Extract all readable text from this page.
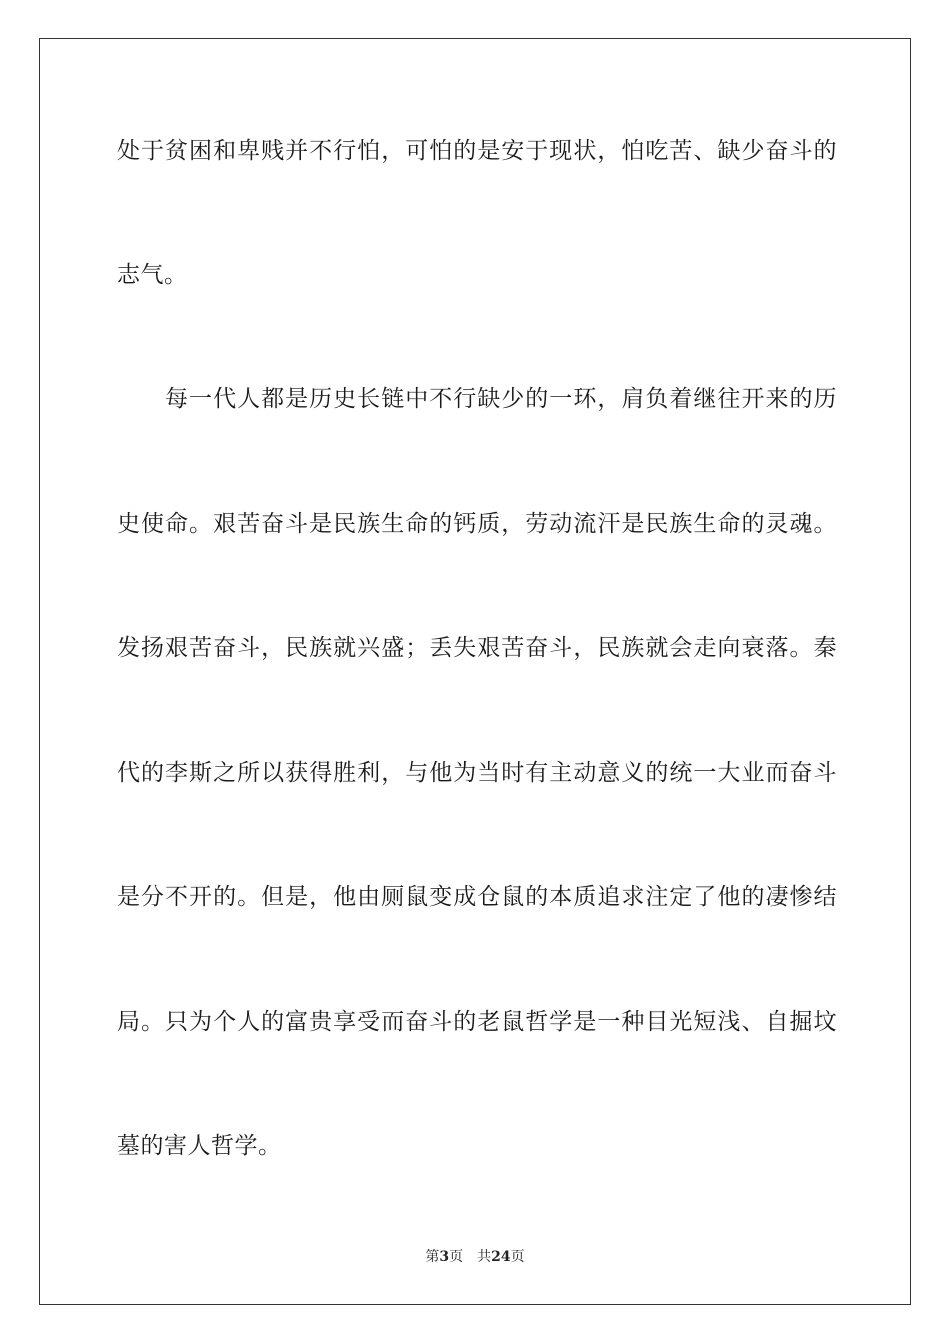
处于贫困和卑贱并不行怕，可怕的是安于现状，怕吃苦、缺少奋斗的
志气。
　　每一代人都是历史长链中不行缺少的一环，肩负着继往开来的历
史使命。艰苦奋斗是民族生命的钙质，劳动流汗是民族生命的灵魂。
发扬艰苦奋斗，民族就兴盛；丢失艰苦奋斗，民族就会走向衰落。秦
代的李斯之所以获得胜利，与他为当时有主动意义的统一大业而奋斗
是分不开的。但是，他由厕鼠变成仓鼠的本质追求注定了他的凄惨结
局。只为个人的富贵享受而奋斗的老鼠哲学是一种目光短浅、自掘坟
墓的害人哲学。
第3页 共24页
